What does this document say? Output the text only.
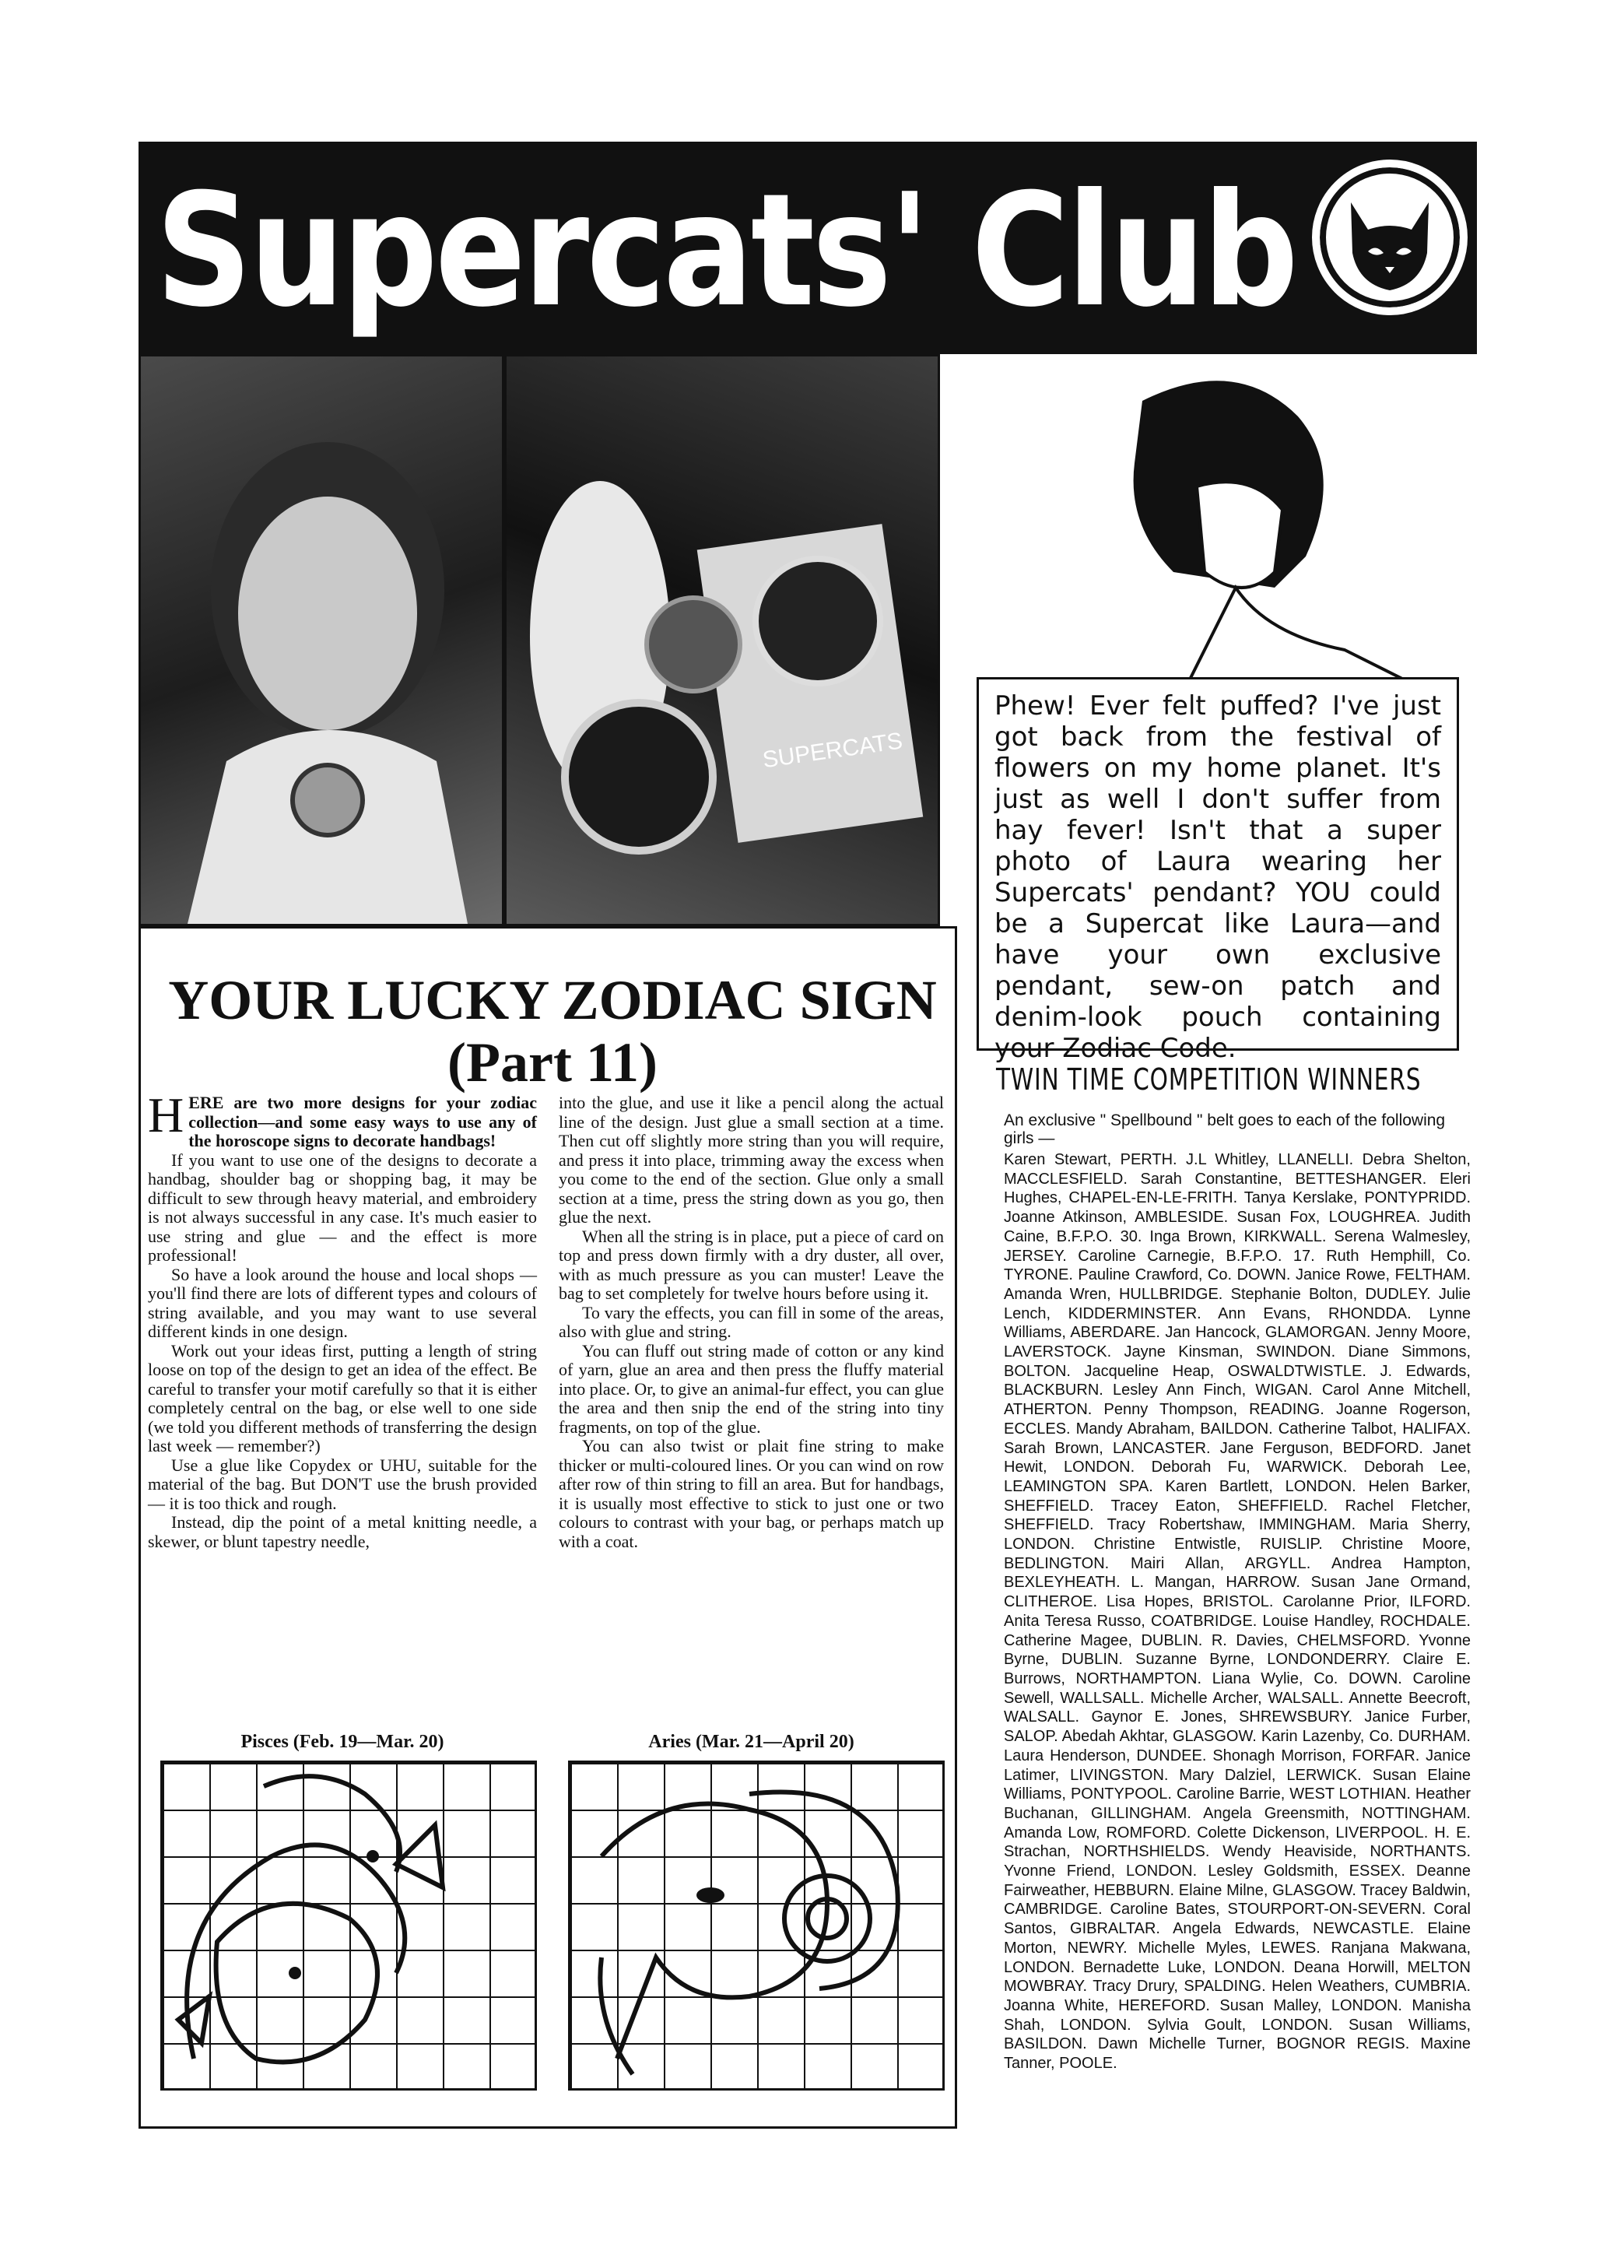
Supercats' Club
SUPERCATS
Phew! Ever felt puffed? I've just got back from the festival of flowers on my home planet. It's just as well I don't suffer from hay fever! Isn't that a super photo of Laura wearing her Supercats' pendant? YOU could be a Supercat like Laura—and have your own exclusive pendant, sew-on patch and denim-look pouch containing your Zodiac Code.
YOUR LUCKY ZODIAC SIGN (Part 11)

HERE are two more designs for your zodiac collection—and some easy ways to use any of the horoscope signs to decorate handbags!

If you want to use one of the designs to decorate a handbag, shoulder bag or shopping bag, it may be difficult to sew through heavy material, and embroidery is not always successful in any case. It's much easier to use string and glue — and the effect is more professional!

So have a look around the house and local shops — you'll find there are lots of different types and colours of string available, and you may want to use several different kinds in one design.

Work out your ideas first, putting a length of string loose on top of the design to get an idea of the effect. Be careful to transfer your motif carefully so that it is either completely central on the bag, or else well to one side (we told you different methods of transferring the design last week — remember?)

Use a glue like Copydex or UHU, suitable for the material of the bag. But DON'T use the brush provided — it is too thick and rough.

Instead, dip the point of a metal knitting needle, a skewer, or blunt tapestry needle,

into the glue, and use it like a pencil along the actual line of the design. Just glue a small section at a time. Then cut off slightly more string than you will require, and press it into place, trimming away the excess when you come to the end of the section. Glue only a small section at a time, press the string down as you go, then glue the next.

When all the string is in place, put a piece of card on top and press down firmly with a dry duster, all over, with as much pressure as you can muster! Leave the bag to set completely for twelve hours before using it.

To vary the effects, you can fill in some of the areas, also with glue and string.

You can fluff out string made of cotton or any kind of yarn, glue an area and then press the fluffy material into place. Or, to give an animal-fur effect, you can glue the area and then snip the end of the string into tiny fragments, on top of the glue.

You can also twist or plait fine string to make thicker or multi-coloured lines. Or you can wind on row after row of thin string to fill an area. But for handbags, it is usually most effective to stick to just one or two colours to contrast with your bag, or perhaps match up with a coat.

Pisces (Feb. 19—Mar. 20)	Aries (Mar. 21—April 20)
TWIN TIME COMPETITION WINNERS
An exclusive " Spellbound " belt goes to each of the following girls —
Karen Stewart, PERTH. J.L Whitley, LLANELLI. Debra Shelton, MACCLESFIELD. Sarah Constantine, BETTESHANGER. Eleri Hughes, CHAPEL-EN-LE-FRITH. Tanya Kerslake, PONTYPRIDD. Joanne Atkinson, AMBLESIDE. Susan Fox, LOUGHREA. Judith Caine, B.F.P.O. 30. Inga Brown, KIRKWALL. Serena Walmesley, JERSEY. Caroline Carnegie, B.F.P.O. 17. Ruth Hemphill, Co. TYRONE. Pauline Crawford, Co. DOWN. Janice Rowe, FELTHAM. Amanda Wren, HULLBRIDGE. Stephanie Bolton, DUDLEY. Julie Lench, KIDDERMINSTER. Ann Evans, RHONDDA. Lynne Williams, ABERDARE. Jan Hancock, GLAMORGAN. Jenny Moore, LAVERSTOCK. Jayne Kinsman, SWINDON. Diane Simmons, BOLTON. Jacqueline Heap, OSWALDTWISTLE. J. Edwards, BLACKBURN. Lesley Ann Finch, WIGAN. Carol Anne Mitchell, ATHERTON. Penny Thompson, READING. Joanne Rogerson, ECCLES. Mandy Abraham, BAILDON. Catherine Talbot, HALIFAX. Sarah Brown, LANCASTER. Jane Ferguson, BEDFORD. Janet Hewit, LONDON. Deborah Fu, WARWICK. Deborah Lee, LEAMINGTON SPA. Karen Bartlett, LONDON. Helen Barker, SHEFFIELD. Tracey Eaton, SHEFFIELD. Rachel Fletcher, SHEFFIELD. Tracy Robertshaw, IMMINGHAM. Maria Sherry, LONDON. Christine Entwistle, RUISLIP. Christine Moore, BEDLINGTON. Mairi Allan, ARGYLL. Andrea Hampton, BEXLEYHEATH. L. Mangan, HARROW. Susan Jane Ormand, CLITHEROE. Lisa Hopes, BRISTOL. Carolanne Prior, ILFORD. Anita Teresa Russo, COATBRIDGE. Louise Handley, ROCHDALE. Catherine Magee, DUBLIN. R. Davies, CHELMSFORD. Yvonne Byrne, DUBLIN. Suzanne Byrne, LONDONDERRY. Claire E. Burrows, NORTHAMPTON. Liana Wylie, Co. DOWN. Caroline Sewell, WALLSALL. Michelle Archer, WALSALL. Annette Beecroft, WALSALL. Gaynor E. Jones, SHREWSBURY. Janice Furber, SALOP. Abedah Akhtar, GLASGOW. Karin Lazenby, Co. DURHAM. Laura Henderson, DUNDEE. Shonagh Morrison, FORFAR. Janice Latimer, LIVINGSTON. Mary Dalziel, LERWICK. Susan Elaine Williams, PONTYPOOL. Caroline Barrie, WEST LOTHIAN. Heather Buchanan, GILLINGHAM. Angela Greensmith, NOTTINGHAM. Amanda Low, ROMFORD. Colette Dickenson, LIVERPOOL. H. E. Strachan, NORTHSHIELDS. Wendy Heaviside, NORTHANTS. Yvonne Friend, LONDON. Lesley Goldsmith, ESSEX. Deanne Fairweather, HEBBURN. Elaine Milne, GLASGOW. Tracey Baldwin, CAMBRIDGE. Caroline Bates, STOURPORT-ON-SEVERN. Coral Santos, GIBRALTAR. Angela Edwards, NEWCASTLE. Elaine Morton, NEWRY. Michelle Myles, LEWES. Ranjana Makwana, LONDON. Bernadette Luke, LONDON. Deana Horwill, MELTON MOWBRAY. Tracy Drury, SPALDING. Helen Weathers, CUMBRIA. Joanna White, HEREFORD. Susan Malley, LONDON. Manisha Shah, LONDON. Sylvia Goult, LONDON. Susan Williams, BASILDON. Dawn Michelle Turner, BOGNOR REGIS. Maxine Tanner, POOLE.
